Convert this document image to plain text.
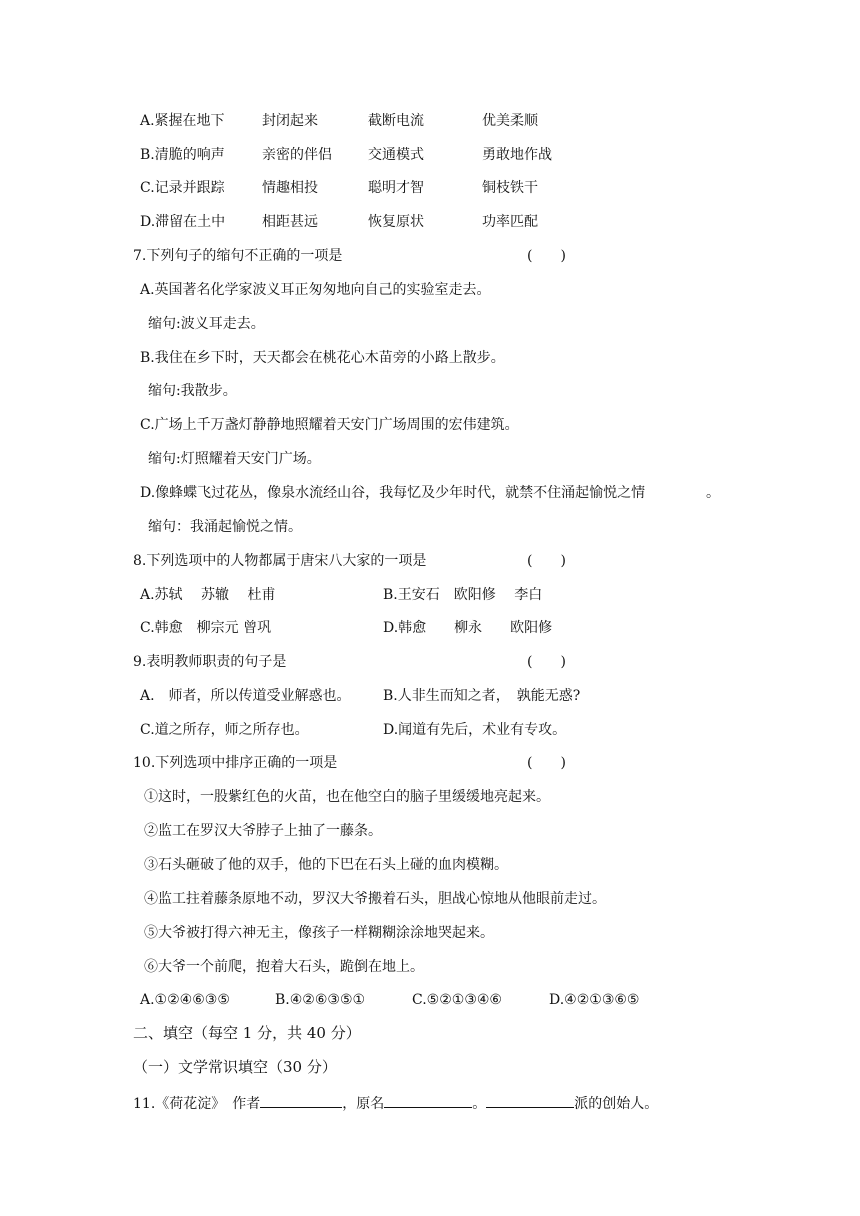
A.紧握在地下	封闭起来	截断电流	优美柔顺
B.清脆的响声	亲密的伴侣	交通模式	勇敢地作战
C.记录并跟踪	情趣相投	聪明才智	铜枝铁干
D.滞留在土中	相距甚远	恢复原状	功率匹配
7.下列句子的缩句不正确的一项是	(　　)
A.英国著名化学家波义耳正匆匆地向自己的实验室走去。
缩句:波义耳走去。
B.我住在乡下时，天天都会在桃花心木苗旁的小路上散步。
缩句:我散步。
C.广场上千万盏灯静静地照耀着天安门广场周围的宏伟建筑。
缩句:灯照耀着天安门广场。
D.像蜂蝶飞过花丛，像泉水流经山谷，我每忆及少年时代，就禁不住涌起愉悦之情	。
缩句：我涌起愉悦之情。
8.下列选项中的人物都属于唐宋八大家的一项是	(　　)
A.苏轼　 苏辙　 杜甫	B.王安石　欧阳修　 李白
C.韩愈　柳宗元 曾巩	D.韩愈　　柳永　　欧阳修
9.表明教师职责的句子是	(　　)
A.　师者，所以传道受业解惑也。 B.人非生而知之者，　孰能无惑?
C.道之所存，师之所存也。	D.闻道有先后，术业有专攻。
10.下列选项中排序正确的一项是	(　　)
①这时，一股紫红色的火苗，也在他空白的脑子里缓缓地亮起来。
②监工在罗汉大爷脖子上抽了一藤条。
③石头砸破了他的双手，他的下巴在石头上碰的血肉模糊。
④监工拄着藤条原地不动，罗汉大爷搬着石头，胆战心惊地从他眼前走过。
⑤大爷被打得六神无主，像孩子一样糊糊涂涂地哭起来。
⑥大爷一个前爬，抱着大石头，跪倒在地上。
A.①②④⑥③⑤	B.④②⑥③⑤①	C.⑤②①③④⑥	D.④②①③⑥⑤
二、填空（每空 1 分，共 40 分）
（一）文学常识填空（30 分）
11.《荷花淀》　作者	，原名	。	派的创始人。
